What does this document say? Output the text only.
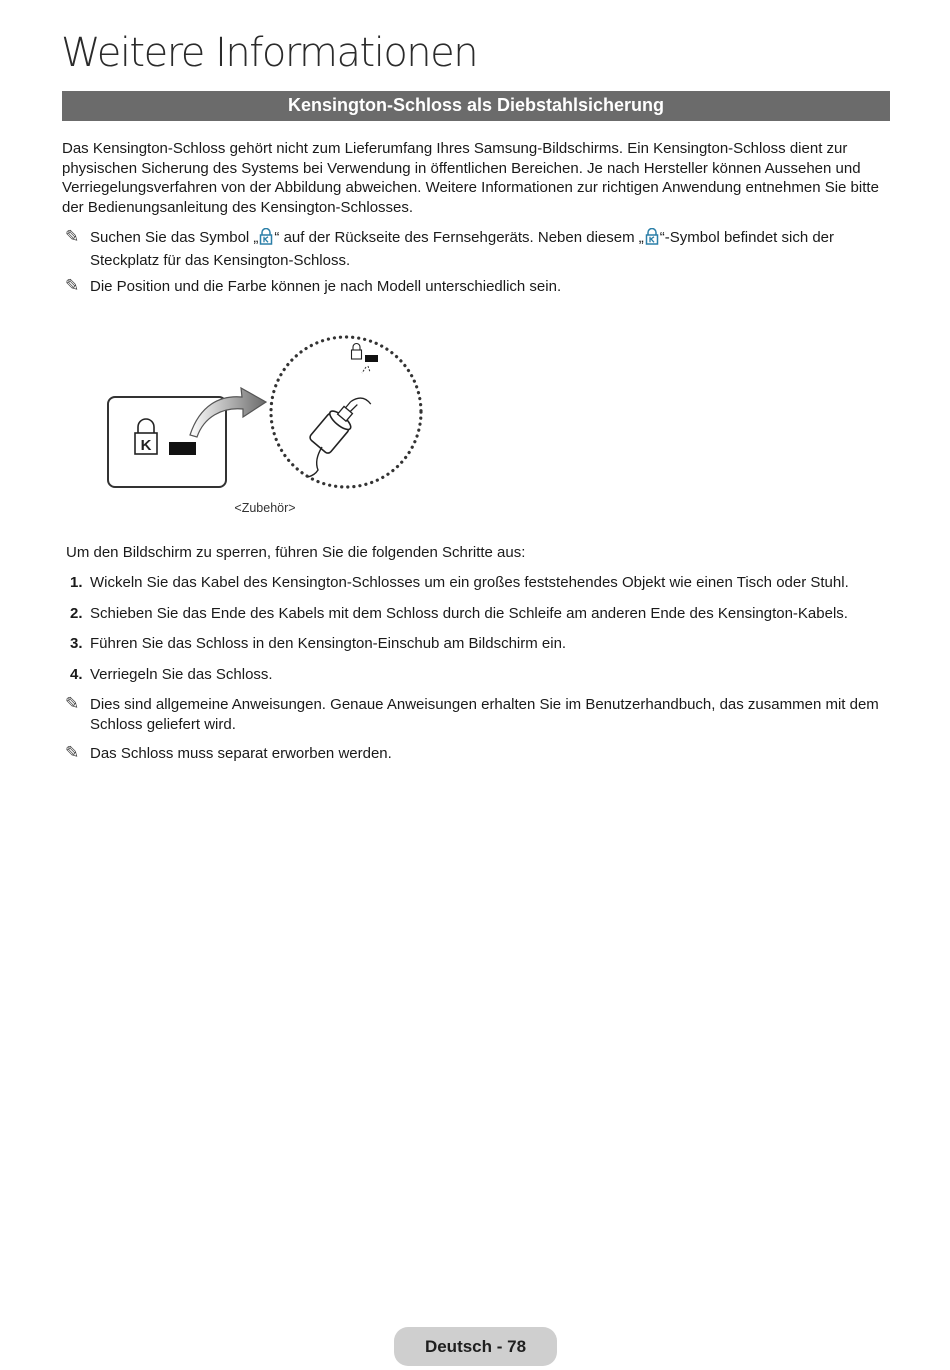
Weitere Informationen
Kensington-Schloss als Diebstahlsicherung

Das Kensington-Schloss gehört nicht zum Lieferumfang Ihres Samsung-Bildschirms. Ein Kensington-Schloss dient zur physischen Sicherung des Systems bei Verwendung in öffentlichen Bereichen. Je nach Hersteller können Aussehen und Verriegelungsverfahren von der Abbildung abweichen. Weitere Informationen zur richtigen Anwendung entnehmen Sie bitte der Bedienungsanleitung des Kensington-Schlosses.

✎ Suchen Sie das Symbol „ “ auf der Rückseite des Fernsehgeräts. Neben diesem „ “-Symbol befindet sich der Steckplatz für das Kensington-Schloss.
✎ Die Position und die Farbe können je nach Modell unterschiedlich sein.
K
<Zubehör>

Um den Bildschirm zu sperren, führen Sie die folgenden Schritte aus:

1. Wickeln Sie das Kabel des Kensington-Schlosses um ein großes feststehendes Objekt wie einen Tisch oder Stuhl.
2. Schieben Sie das Ende des Kabels mit dem Schloss durch die Schleife am anderen Ende des Kensington-Kabels.
3. Führen Sie das Schloss in den Kensington-Einschub am Bildschirm ein.
4. Verriegeln Sie das Schloss.
✎ Dies sind allgemeine Anweisungen. Genaue Anweisungen erhalten Sie im Benutzerhandbuch, das zusammen mit dem Schloss geliefert wird.
✎ Das Schloss muss separat erworben werden.
Deutsch - 78
